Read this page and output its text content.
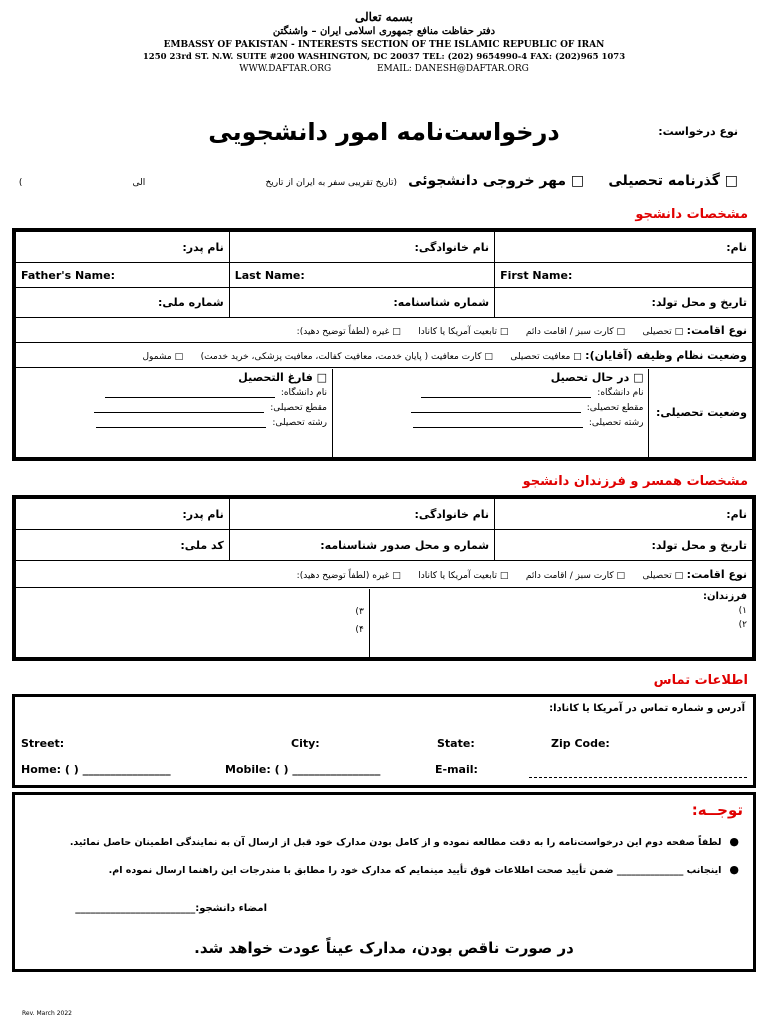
بسمه تعالی
دفتر حفاظت منافع جمهوری اسلامی ایران – واشنگتن
EMBASSY OF PAKISTAN - INTERESTS SECTION OF THE ISLAMIC REPUBLIC OF IRAN
1250 23rd ST. N.W. SUITE #200 WASHINGTON, DC 20037 TEL: (202) 9654990-4 FAX: (202)965 1073
WWW.DAFTAR.ORG	EMAIL: DANESH@DAFTAR.ORG
نوع درخواست:
درخواست‌نامه امور دانشجویی
□ گذرنامه تحصیلی  □ مهر خروجی دانشجوئی (تاریخ تقریبی سفر به ایران از تاریخ  الی  )
مشخصات دانشجو
نام:	نام خانوادگی:	نام پدر:
First Name:	Last Name:	Father's Name:
تاریخ و محل تولد:	شماره شناسنامه:	شماره ملی:
نوع اقامت: □ تحصیلی □ کارت سبز / اقامت دائم □ تابعیت آمریکا یا کانادا □ غیره (لطفاً توضیح دهید):
وضعیت نظام وظیفه (آقایان): □ معافیت تحصیلی □ کارت معافیت ( پایان خدمت، معافیت کفالت، معافیت پزشکی، خرید خدمت) □ مشمول

وضعیت تحصیلی:	
□ در حال تحصیل
نام دانشگاه:
مقطع تحصیلی:
رشته تحصیلی:

□ فارغ التحصیل
نام دانشگاه:
مقطع تحصیلی:
رشته تحصیلی:
مشخصات همسر و فرزندان دانشجو
نام:	نام خانوادگی:	نام پدر:
تاریخ و محل تولد:	شماره و محل صدور شناسنامه:	کد ملی:
نوع اقامت: □ تحصیلی □ کارت سبز / اقامت دائم □ تابعیت آمریکا یا کانادا □ غیره (لطفاً توضیح دهید):

فرزندان:
۱)
۲)

۳)
۴)
اطلاعات تماس
آدرس و شماره تماس در آمریکا یا کانادا:
Street:	City:	State:	Zip Code:
Home: ( ) ________________	Mobile: ( ) ________________	E-mail:
توجــه:
●لطفاً صفحه دوم این درخواست‌نامه را به دقت مطالعه نموده و از کامل بودن مدارک خود قبل از ارسال آن به نمایندگی اطمینان حاصل نمائید.
●اینجانب ______________ ضمن تأیید صحت اطلاعات فوق تأیید مینمایم که مدارک خود را مطابق با مندرجات این راهنما ارسال نموده ام.
امضاء دانشجو:________________________
در صورت ناقص بودن، مدارک عیناً عودت خواهد شد.
Rev. March 2022
